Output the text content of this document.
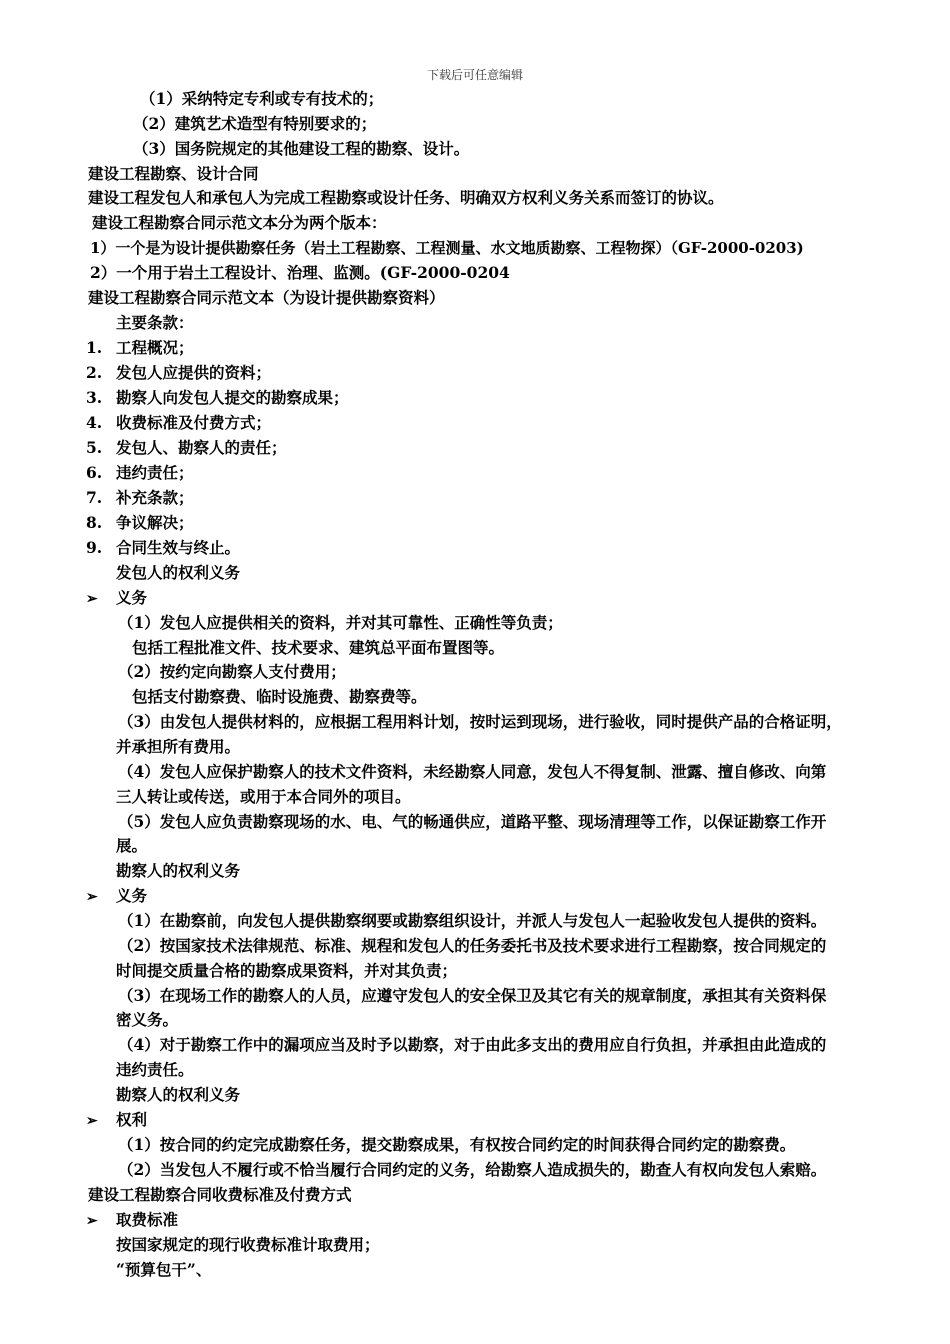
下载后可任意编辑
（1）采纳特定专利或专有技术的；
（2）建筑艺术造型有特别要求的；
（3）国务院规定的其他建设工程的勘察、设计。
建设工程勘察、设计合同
建设工程发包人和承包人为完成工程勘察或设计任务、明确双方权利义务关系而签订的协议。
建设工程勘察合同示范文本分为两个版本：
1）一个是为设计提供勘察任务（岩土工程勘察、工程测量、水文地质勘察、工程物探）（GF-2000-0203)
2）一个用于岩土工程设计、治理、监测。(GF-2000-0204
建设工程勘察合同示范文本（为设计提供勘察资料）
主要条款：
1. 工程概况；
2. 发包人应提供的资料；
3. 勘察人向发包人提交的勘察成果；
4. 收费标准及付费方式；
5. 发包人、勘察人的责任；
6. 违约责任；
7. 补充条款；
8. 争议解决；
9. 合同生效与终止。
发包人的权利义务
➢ 义务
（1）发包人应提供相关的资料，并对其可靠性、正确性等负责；
包括工程批准文件、技术要求、建筑总平面布置图等。
（2）按约定向勘察人支付费用；
包括支付勘察费、临时设施费、勘察费等。
（3）由发包人提供材料的，应根据工程用料计划，按时运到现场，进行验收，同时提供产品的合格证明，
并承担所有费用。
（4）发包人应保护勘察人的技术文件资料，未经勘察人同意，发包人不得复制、泄露、擅自修改、向第
三人转让或传送，或用于本合同外的项目。
（5）发包人应负责勘察现场的水、电、气的畅通供应，道路平整、现场清理等工作，以保证勘察工作开
展。
勘察人的权利义务
➢ 义务
（1）在勘察前，向发包人提供勘察纲要或勘察组织设计，并派人与发包人一起验收发包人提供的资料。
（2）按国家技术法律规范、标准、规程和发包人的任务委托书及技术要求进行工程勘察，按合同规定的
时间提交质量合格的勘察成果资料，并对其负责；
（3）在现场工作的勘察人的人员，应遵守发包人的安全保卫及其它有关的规章制度，承担其有关资料保
密义务。
（4）对于勘察工作中的漏项应当及时予以勘察，对于由此多支出的费用应自行负担，并承担由此造成的
违约责任。
勘察人的权利义务
➢ 权利
（1）按合同的约定完成勘察任务，提交勘察成果，有权按合同约定的时间获得合同约定的勘察费。
（2）当发包人不履行或不恰当履行合同约定的义务，给勘察人造成损失的，勘查人有权向发包人索赔。
建设工程勘察合同收费标准及付费方式
➢ 取费标准
按国家规定的现行收费标准计取费用；
“预算包干”、
